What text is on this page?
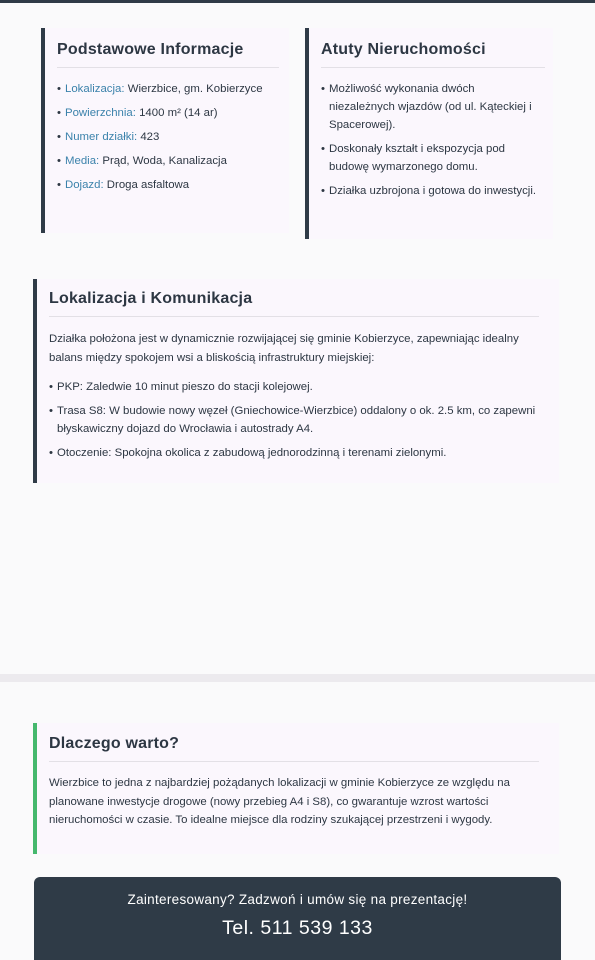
Podstawowe Informacje
• Lokalizacja: Wierzbice, gm. Kobierzyce
• Powierzchnia: 1400 m² (14 ar)
• Numer działki: 423
• Media: Prąd, Woda, Kanalizacja
• Dojazd: Droga asfaltowa
Atuty Nieruchomości
• Możliwość wykonania dwóch niezależnych wjazdów (od ul. Kąteckiej i Spacerowej).
• Doskonały kształt i ekspozycja pod budowę wymarzonego domu.
• Działka uzbrojona i gotowa do inwestycji.
Lokalizacja i Komunikacja

Działka położona jest w dynamicznie rozwijającej się gminie Kobierzyce, zapewniając idealny balans między spokojem wsi a bliskością infrastruktury miejskiej:

• PKP: Zaledwie 10 minut pieszo do stacji kolejowej.
• Trasa S8: W budowie nowy węzeł (Gniechowice-Wierzbice) oddalony o ok. 2.5 km, co zapewni błyskawiczny dojazd do Wrocławia i autostrady A4.
• Otoczenie: Spokojna okolica z zabudową jednorodzinną i terenami zielonymi.
Dlaczego warto?

Wierzbice to jedna z najbardziej pożądanych lokalizacji w gminie Kobierzyce ze względu na planowane inwestycje drogowe (nowy przebieg A4 i S8), co gwarantuje wzrost wartości nieruchomości w czasie. To idealne miejsce dla rodziny szukającej przestrzeni i wygody.

Zainteresowany? Zadzwoń i umów się na prezentację!
Tel. 511 539 133
